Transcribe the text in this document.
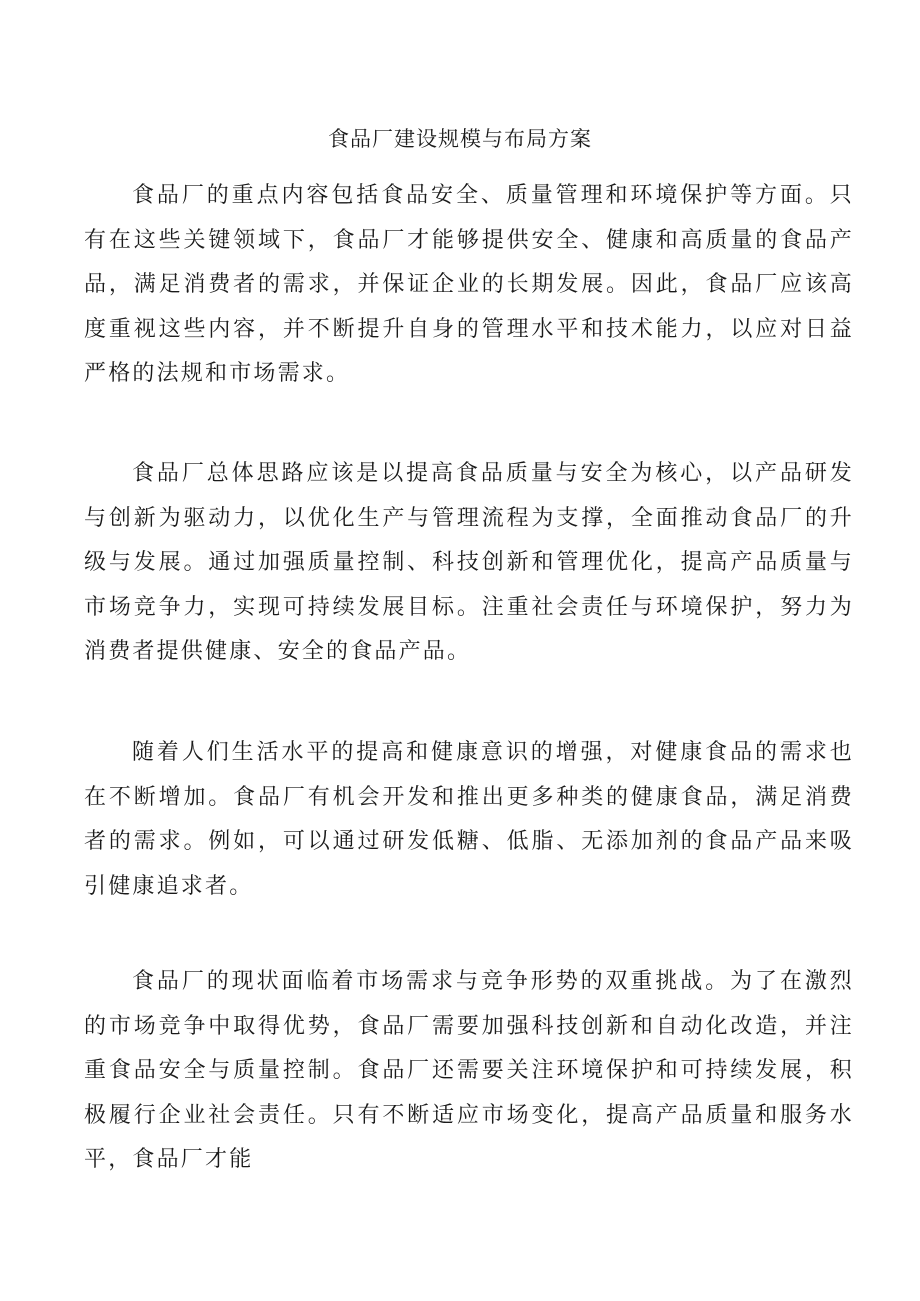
食品厂建设规模与布局方案

食品厂的重点内容包括食品安全、质量管理和环境保护等方面。只有在这些关键领域下，食品厂才能够提供安全、健康和高质量的食品产品，满足消费者的需求，并保证企业的长期发展。因此，食品厂应该高度重视这些内容，并不断提升自身的管理水平和技术能力，以应对日益严格的法规和市场需求。

食品厂总体思路应该是以提高食品质量与安全为核心，以产品研发与创新为驱动力，以优化生产与管理流程为支撑，全面推动食品厂的升级与发展。通过加强质量控制、科技创新和管理优化，提高产品质量与市场竞争力，实现可持续发展目标。注重社会责任与环境保护，努力为消费者提供健康、安全的食品产品。

随着人们生活水平的提高和健康意识的增强，对健康食品的需求也在不断增加。食品厂有机会开发和推出更多种类的健康食品，满足消费者的需求。例如，可以通过研发低糖、低脂、无添加剂的食品产品来吸引健康追求者。

食品厂的现状面临着市场需求与竞争形势的双重挑战。为了在激烈的市场竞争中取得优势，食品厂需要加强科技创新和自动化改造，并注重食品安全与质量控制。食品厂还需要关注环境保护和可持续发展，积极履行企业社会责任。只有不断适应市场变化，提高产品质量和服务水平，食品厂才能
